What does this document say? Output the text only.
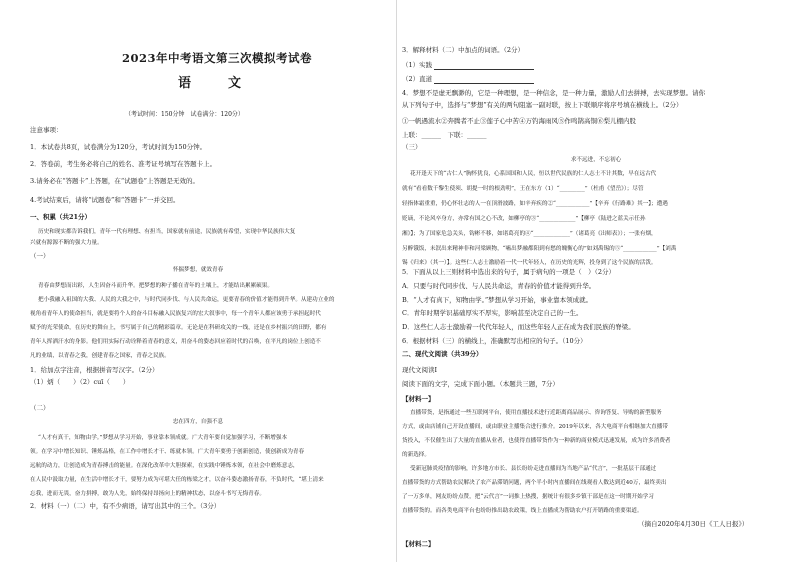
2023年中考语文第三次模拟考试卷
语　文
（考试时间：150分钟　试卷满分：120分）
注意事项：
1．本试卷共8页，试卷满分为120分，考试时间为150分钟。
2．答卷前，考生务必将自己的姓名、准考证号填写在答题卡上。
3.请务必在“答题卡”上答题，在“试题卷”上答题是无效的。
4.考试结束后，请将“试题卷”和“答题卡”一并交回。
一、积累（共21分）
历史和现实都告诉我们，青年一代有理想、有担当，国家就有前途，民族就有希望，实现中华民族伟大复
兴就有源源不断的强大力量。
（一）
怀揣梦想，就效青春
青春由梦想而出彩，人生因奋斗而升华。把梦想的种子播在青年的土壤上，才能结出累累硕果。
把小我融入祖国的大我、人民的大我之中，与时代同步伐、与人民共命运，更要青春的价值才能得到升华。从建功立业的
视角看青年人的使命担当，就是要将个人的奋斗目标融入民族复兴的宏大叙事中，每一个青年人都应该勇于承担起时代
赋予的光荣使命，在历史的舞台上，书写属于自己的精彩篇章。无论是在科研攻关的一线，还是在乡村振兴的田野，都有
青年人挥洒汗水的身影。他们用实际行动诠释着青春的意义，用奋斗的姿态回应着时代的召唤，在平凡的岗位上创造不
凡的业绩，以青春之我，创建青春之国家，青春之民族。
1．给加点字注音，根据拼音写汉字。（2分）
（1）炳（　　）（2）cuī（　　）
（二）
忠在四方，自强不息
“人才有真干，知物由学。”梦想从学习开始，事业靠本领成就。广大青年要自觉加强学习，不断增强本
领。在学习中增长知识、锤炼品格，在工作中增长才干、练就本领。广大青年要勇于创新创造，使创新成为青春
远航的动力，让创造成为青春搏击的能量。在深化改革中大胆探索，在实践中锤炼本领，在社会中磨炼意志，
在人民中汲取力量，在生活中增长才干，要努力成为可堪大任的栋梁之才，以奋斗姿态激扬青春，不负时代，“堪上清来
忘我，进而无畏，奋力拼搏，敢为人先，始终保持昂扬向上的精神状态，以奋斗书写无悔青春。
2．材料（一）（二）中，有不少病语，请写出其中的三个。（3分）
3．解释材料（二）中加点的词语。（2分）
（1）实践
（2）直道
4．梦想不是虚无飘渺的，它是一种理想，是一种信念，是一种力量，激励人们去拼搏，去实现梦想。请你
从下列句子中，选择与“梦想”有关的两句阻塞一副对联，按上下联顺序将序号填在横线上。（2分）
①一帆遇流水②奔腾者不止③莲子心中苦④万钓海雨风⑤作鸣鹊高铜⑥梨儿棚内股
上联：______　下联：______
（三）
求不远进，不忘初心
花开逢天下的“古仁人”胸怀犹良，心系国国和人民，恒以世代民族的仁人志士不计其数，早在远古代
就有“看看数千黎生使须、胡提一时的根劲明”，王在东方（1）“_________”（杜甫《望岳》）；尽管
轻指体霜重重，仍心怀壮志的人一在顶滑波路，如辛弃疾的②“____________”【辛弃《行路难》其一】；遭遇
贬谪，不论风卒身方，亦常有国之心不改，如柳亭的③“_____________”【柳亭《陆进之蓝关示任孙
湘》】；为了国家危急关头，钩彬不移，如诸葛亮的④“_____________”（诸葛亮《出师表》）；一张有烟，
另醉饿饭，未泯出来精神非和河梁顾物，“嗑出梦融都阳到有愁的魄衡心的”如刘禹锡的⑤“____________”【刘禹
锡《归来》（其一）】。这些仁人志士激励着一代一代年轻人，在历史的光辉，投身到了这个民族的活泼。
5．下面从以上三则材料中选出来的句子，属于病句的一项是（　）（2分）
A．只要与时代同步伐、与人民共命运，青春的价值才能得到升华。
B．“人才有真下，知物由学。”梦想从学习开始，事业靠本领成就。
C．青年时期学识基础厚实不厚实，影响甚至决定自己的一生。
D．这些仁人志士激励着一代代年轻人，而这些年轻人正在成为我们民族的脊梁。
6．根据材料（三）的横线上，准确默写出相应的句子。（10分）
二、现代文阅读（共39分）
现代文阅读Ⅰ
阅读下面的文字，完成下面小题。（本题共三题，7分）
【材料一】
直播带货，是指通过一些互联网平台，使用直播技术进行近距离商品展示、咨询答复、导购的新型服务
方式，或由店铺自己开设直播间，或由职业主播集合进行推介。2019年以来，各大电商平台相继加大直播带
货投入，不仅催生出了大量的直播从业者，也使得直播带货作为一种新的商业模式迅速发展，成为许多消费者
的新选择。
受新冠肺炎疫情的影响，许多地方市长、县长纷纷走进直播间为当地产品“代言”，一批基层干部通过
直播带货的方式帮助农民解决了农产品滞销问题，两个半小时内直播间在线观看人数达到近40万，最终卖出
了一万多单，网友纷纷点赞，把“云代言”一词推上热搜，据统计有很多乡镇干部是在这一时期开始学习
直播带货的。而各类电商平台也纷纷推出助农政策，线上直播成为帮助农户打开销路的重要渠道。
（摘自2020年4月30日《工人日报》）
【材料二】
